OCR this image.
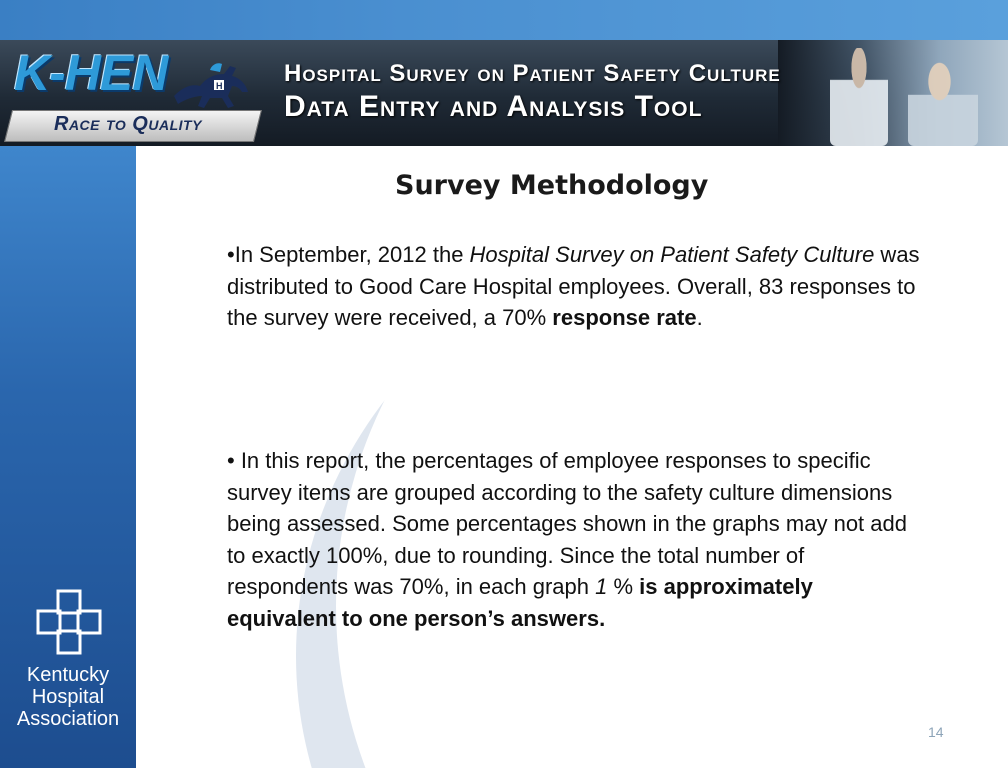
K-HEN	H
Race to Quality
Hospital Survey on Patient Safety Culture
Data Entry and Analysis Tool
Kentucky
Hospital
Association
Survey Methodology
•In September, 2012 the Hospital Survey on Patient Safety Culture was distributed to Good Care Hospital employees. Overall, 83 responses to the survey were received, a 70% response rate.
• In this report, the percentages of employee responses to specific survey items are grouped according to the safety culture dimensions being assessed. Some percentages shown in the graphs may not add to exactly 100%, due to rounding. Since the total number of respondents was 70%, in each graph 1 % is approximately equivalent to one person’s answers.
14
